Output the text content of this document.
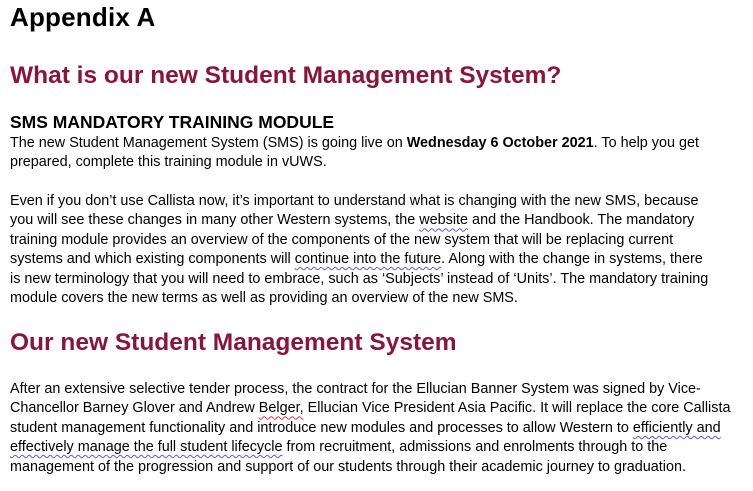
Appendix A
What is our new Student Management System?
SMS MANDATORY TRAINING MODULE

The new Student Management System (SMS) is going live on Wednesday 6 October 2021. To help you get
prepared, complete this training module in vUWS.

Even if you don’t use Callista now, it’s important to understand what is changing with the new SMS, because
you will see these changes in many other Western systems, the website and the Handbook. The mandatory
training module provides an overview of the components of the new system that will be replacing current
systems and which existing components will continue into the future. Along with the change in systems, there
is new terminology that you will need to embrace, such as ‘Subjects’ instead of ‘Units’. The mandatory training
module covers the new terms as well as providing an overview of the new SMS.

Our new Student Management System

After an extensive selective tender process, the contract for the Ellucian Banner System was signed by Vice-
Chancellor Barney Glover and Andrew Belger, Ellucian Vice President Asia Pacific. It will replace the core Callista
student management functionality and introduce new modules and processes to allow Western to efficiently and
effectively manage the full student lifecycle from recruitment, admissions and enrolments through to the
management of the progression and support of our students through their academic journey to graduation.
